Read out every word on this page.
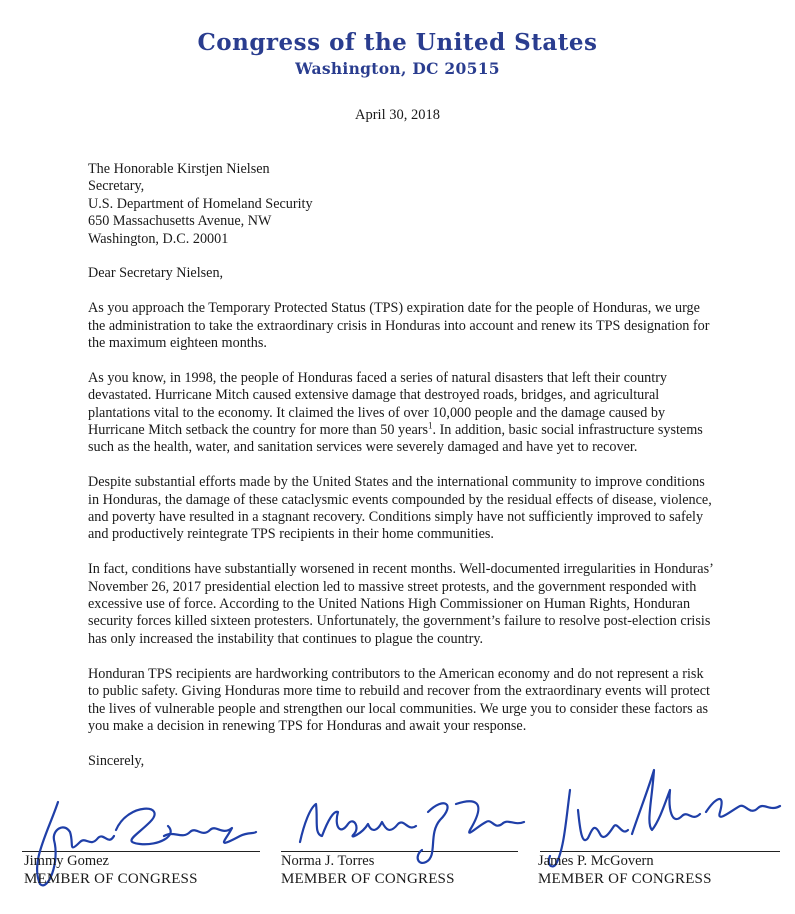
Congress of the United States
Washington, DC 20515
April 30, 2018
The Honorable Kirstjen Nielsen
Secretary,
U.S. Department of Homeland Security
650 Massachusetts Avenue, NW
Washington, D.C. 20001

Dear Secretary Nielsen,

As you approach the Temporary Protected Status (TPS) expiration date for the people of Honduras, we urge the administration to take the extraordinary crisis in Honduras into account and renew its TPS designation for the maximum eighteen months.

As you know, in 1998, the people of Honduras faced a series of natural disasters that left their country devastated. Hurricane Mitch caused extensive damage that destroyed roads, bridges, and agricultural plantations vital to the economy. It claimed the lives of over 10,000 people and the damage caused by Hurricane Mitch setback the country for more than 50 years$^1$. In addition, basic social infrastructure systems such as the health, water, and sanitation services were severely damaged and have yet to recover.

Despite substantial efforts made by the United States and the international community to improve conditions in Honduras, the damage of these cataclysmic events compounded by the residual effects of disease, violence, and poverty have resulted in a stagnant recovery. Conditions simply have not sufficiently improved to safely and productively reintegrate TPS recipients in their home communities.

In fact, conditions have substantially worsened in recent months. Well-documented irregularities in Honduras’ November 26, 2017 presidential election led to massive street protests, and the government responded with excessive use of force. According to the United Nations High Commissioner on Human Rights, Honduran security forces killed sixteen protesters. Unfortunately, the government’s failure to resolve post-election crisis has only increased the instability that continues to plague the country.

Honduran TPS recipients are hardworking contributors to the American economy and do not represent a risk to public safety. Giving Honduras more time to rebuild and recover from the extraordinary events will protect the lives of vulnerable people and strengthen our local communities. We urge you to consider these factors as you make a decision in renewing TPS for Honduras and await your response.

Sincerely,

Jimmy Gomez
MEMBER OF CONGRESS
Norma J. Torres
MEMBER OF CONGRESS
James P. McGovern
MEMBER OF CONGRESS
